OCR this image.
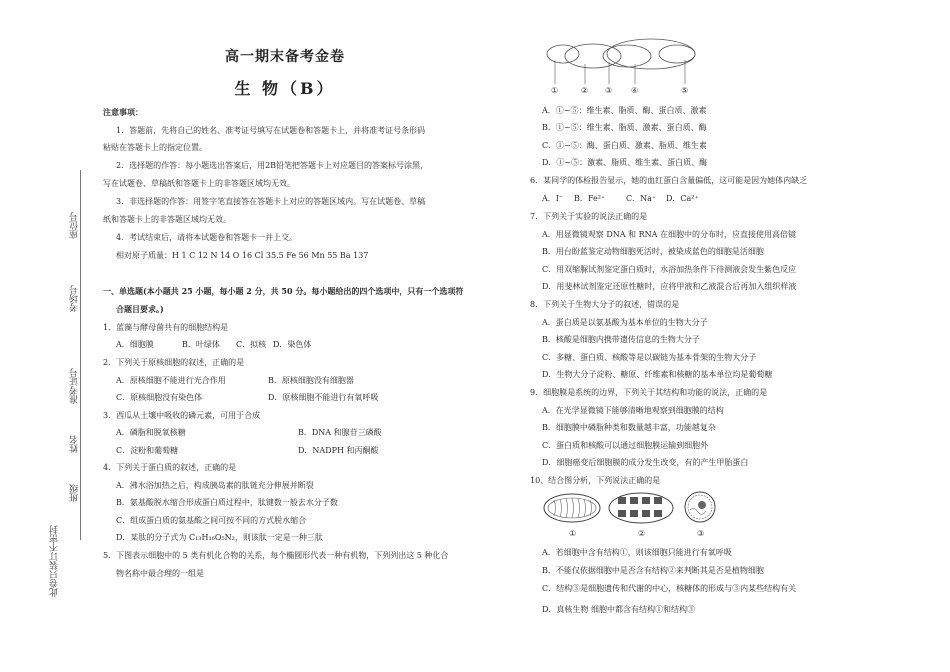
座位号
考场号
准考证号
姓名
班级
此卷只装订不密封
高一期末备考金卷
生 物（B）
注意事项：
1．答题前，先将自己的姓名、准考证号填写在试题卷和答题卡上，并将准考证号条形码
粘贴在答题卡上的指定位置。
2．选择题的作答：每小题选出答案后，用2B铅笔把答题卡上对应题目的答案标号涂黑，
写在试题卷、草稿纸和答题卡上的非答题区域均无效。
3．非选择题的作答：用签字笔直接答在答题卡上对应的答题区域内。写在试题卷、草稿
纸和答题卡上的非答题区域均无效。
4．考试结束后，请将本试题卷和答题卡一并上交。
相对原子质量：H 1 C 12 N 14 O 16 Cl 35.5 Fe 56 Mn 55 Ba 137
一、单选题(本小题共 25 小题，每小题 2 分，共 50 分。每小题给出的四个选项中，只有一个选项符
合题目要求。)
1．蓝藻与酵母菌共有的细胞结构是
A．细胞膜	B．叶绿体 C．拟核 D．染色体
2．下列关于原核细胞的叙述，正确的是
A．原核细胞不能进行光合作用	B．原核细胞没有细胞器
C．原核细胞没有染色体	D．原核细胞不能进行有氧呼吸
3．西瓜从土壤中吸收的磷元素，可用于合成
A．磷脂和脱氧核糖	B．DNA 和腺苷三磷酸
C．淀粉和葡萄糖	D．NADPH 和丙酮酸
4．下列关于蛋白质的叙述，正确的是
A．沸水浴加热之后，构成胰岛素的肽链充分伸展并断裂
B．氨基酸脱水缩合形成蛋白质过程中，肽键数一般去水分子数
C．组成蛋白质的氨基酸之间可按不同的方式脱水缩合
D．某肽的分子式为 C₁₃H₁₆O₅N₂，则该肽一定是一种三肽
5．下图表示细胞中的 5 类有机化合物的关系，每个椭圆形代表一种有机物，下列列出这 5 种化合
物名称中最合理的一组是
①	② ③ ④	⑤
A．①~⑤：维生素、脂质、酶、蛋白质、激素
B．①~⑤：维生素、脂质、激素、蛋白质、酶
C．①~⑤：酶、蛋白质、激素、脂质、维生素
D．①~⑤：激素、脂质、维生素、蛋白质、酶
6．某同学的体检报告显示，她的血红蛋白含量偏低，这可能是因为她体内缺乏
A．I⁻ B．Fe²⁺	C．Na⁺ D．Ca²⁺
7．下列关于实验的说法正确的是
A．用显微镜观察 DNA 和 RNA 在细胞中的分布时，应直接使用高倍镜
B．用台盼蓝鉴定动物细胞死活时，被染成蓝色的细胞是活细胞
C．用双缩脲试剂鉴定蛋白质时，水浴加热条件下待测液会发生紫色反应
D．用斐林试剂鉴定还原性糖时，应将甲液和乙液混合后再加入组织样液
8．下列关于生物大分子的叙述，错误的是
A．蛋白质是以氨基酸为基本单位的生物大分子
B．核酸是细胞内携带遗传信息的生物大分子
C．多糖、蛋白质、核酸等是以碳链为基本骨架的生物大分子
D．生物大分子淀粉、糖原、纤维素和核糖的基本单位均是葡萄糖
9．细胞膜是系统的边界，下列关于其结构和功能的说法，正确的是
A．在光学显微镜下能够清晰地观察到细胞膜的结构
B．细胞膜中磷脂种类和数量越丰富，功能越复杂
C．蛋白质和核酸可以通过细胞膜运输到细胞外
D．细胞癌变后细胞膜的成分发生改变，有的产生甲胎蛋白
10、结合图分析，下列说法正确的是
①	②	③
A．若细胞中含有结构①，则该细胞只能进行有氧呼吸
B．不能仅依据细胞中是否含有结构②来判断其是否是植物细胞
C．结构③是细胞遗传和代谢的中心，核糖体的形成与③内某些结构有关
D．真核生物 细胞中都含有结构①和结构③
